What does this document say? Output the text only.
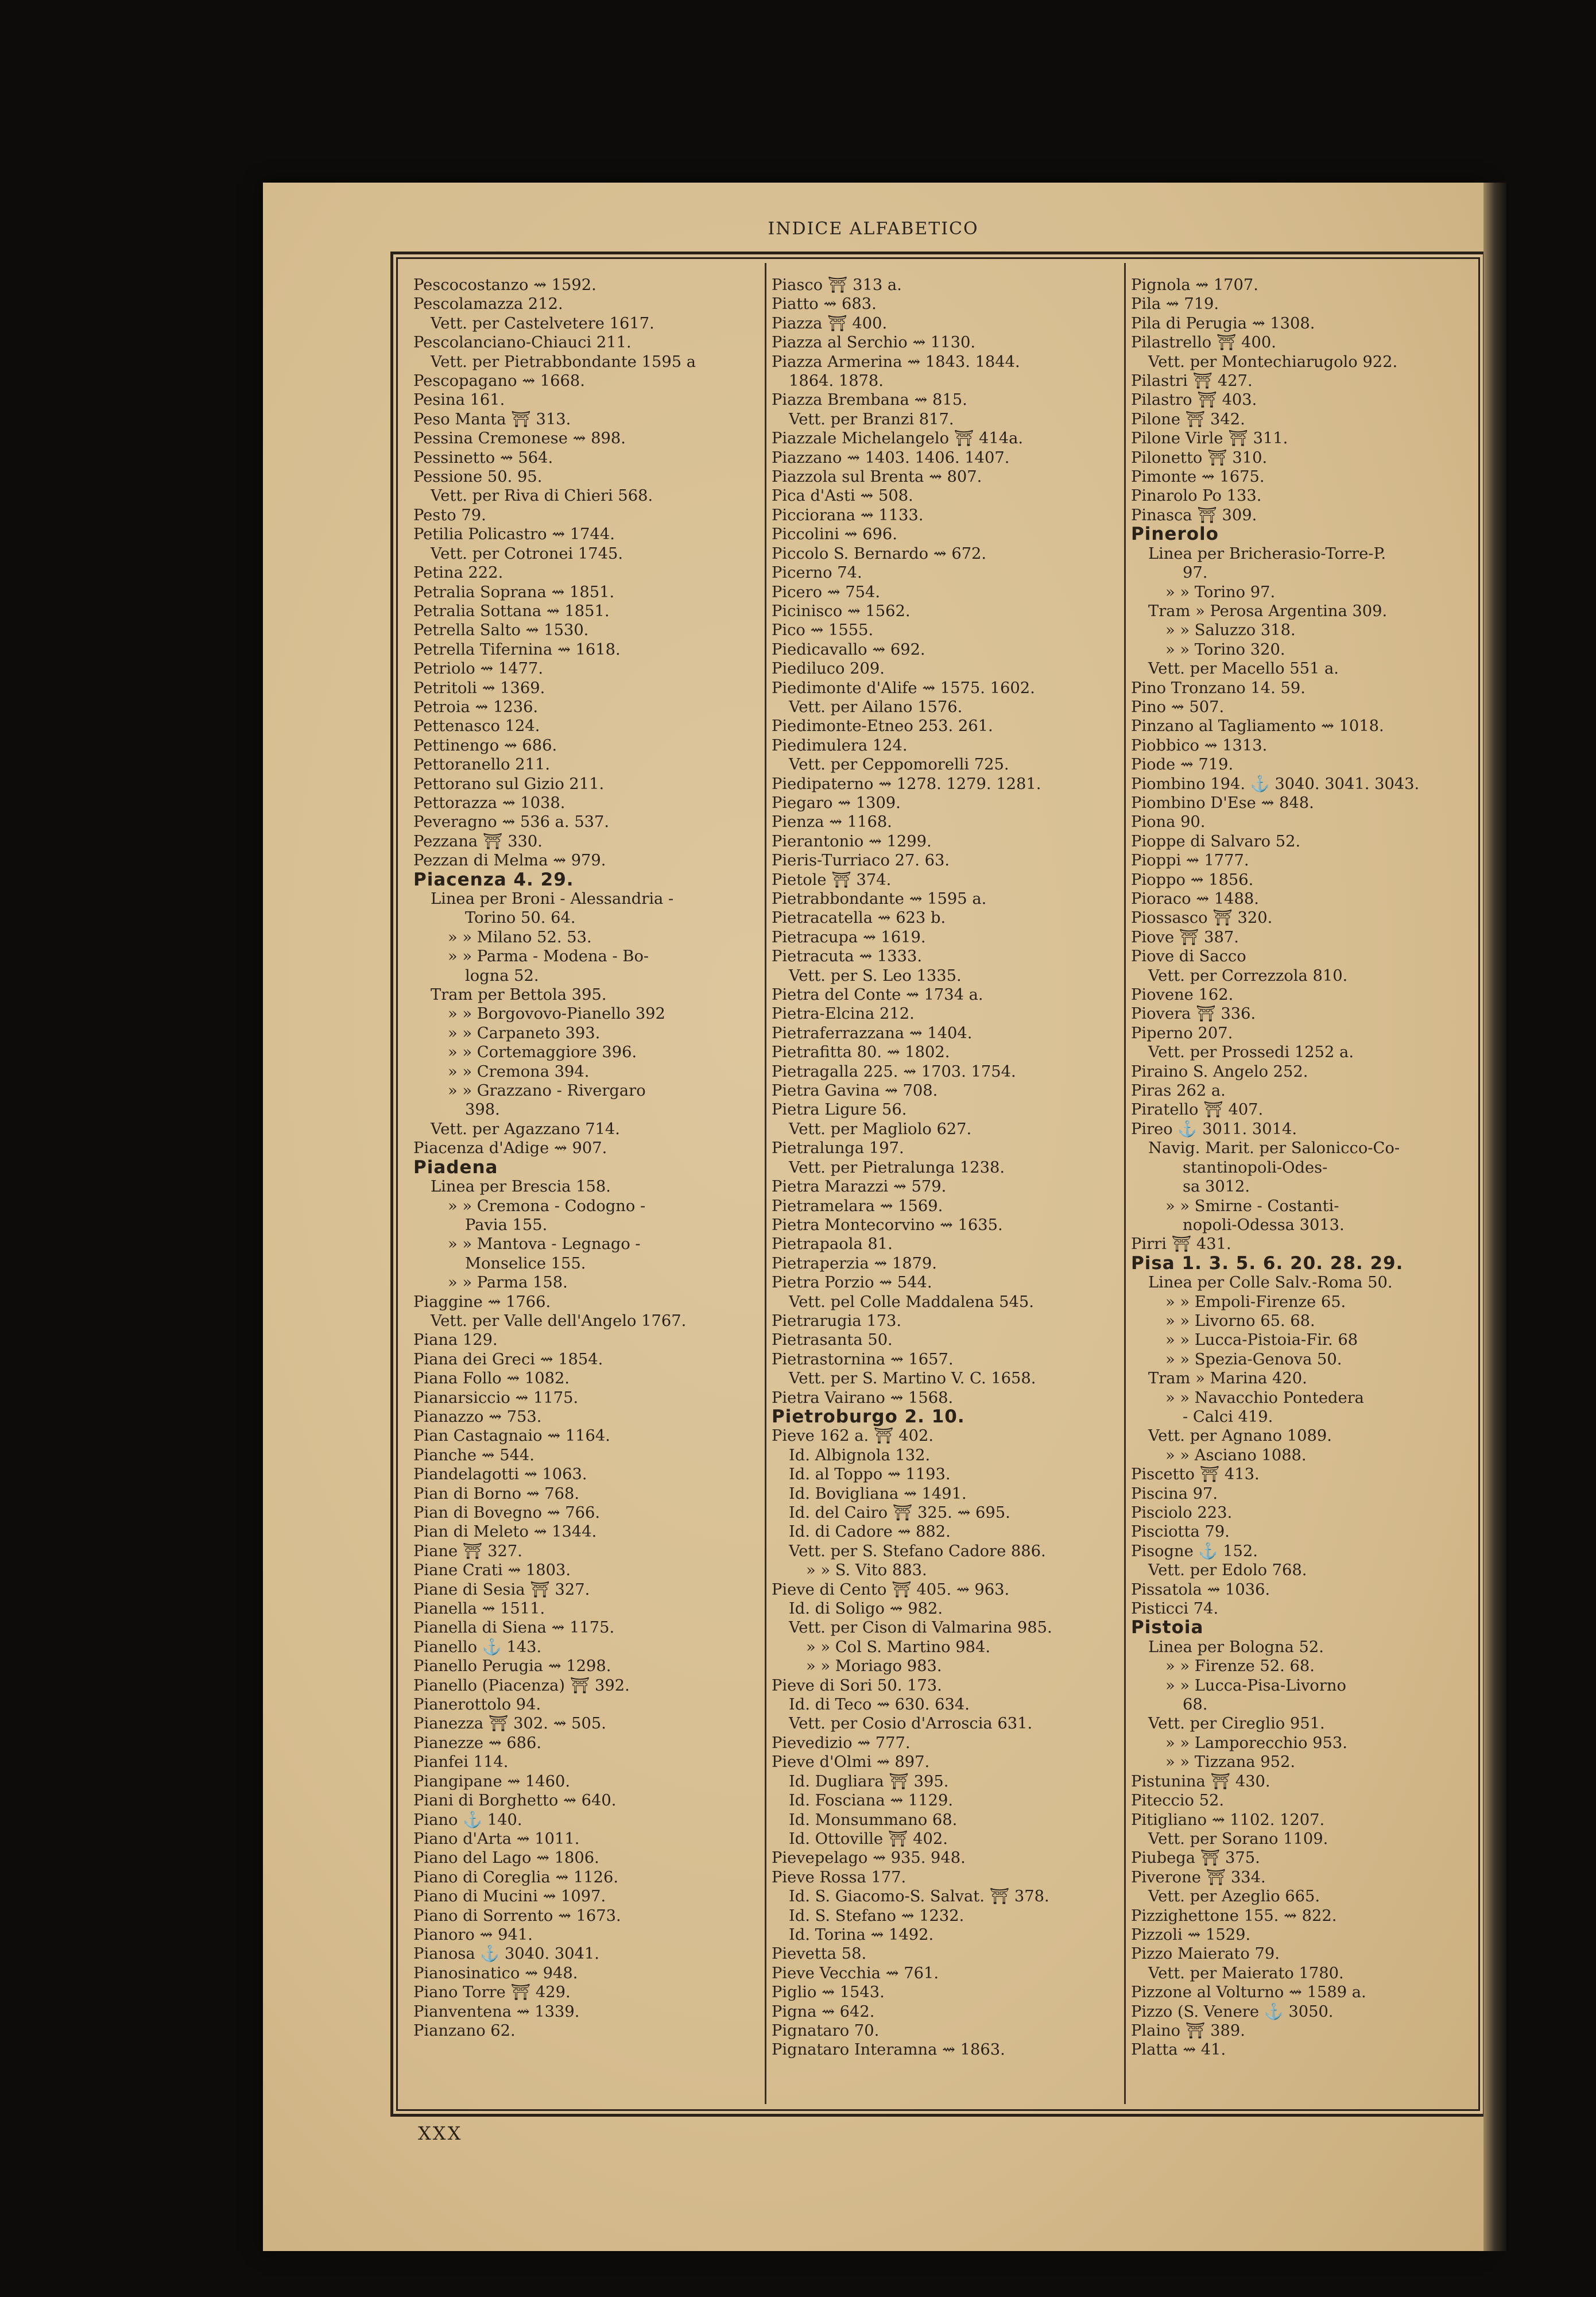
INDICE ALFABETICO
Pescocostanzo ⇝ 1592.
Pescolamazza 212.
Vett. per Castelvetere 1617.
Pescolanciano-Chiauci 211.
Vett. per Pietrabbondante 1595 a
Pescopagano ⇝ 1668.
Pesina 161.
Peso Manta ⛩ 313.
Pessina Cremonese ⇝ 898.
Pessinetto ⇝ 564.
Pessione 50. 95.
Vett. per Riva di Chieri 568.
Pesto 79.
Petilia Policastro ⇝ 1744.
Vett. per Cotronei 1745.
Petina 222.
Petralia Soprana ⇝ 1851.
Petralia Sottana ⇝ 1851.
Petrella Salto ⇝ 1530.
Petrella Tifernina ⇝ 1618.
Petriolo ⇝ 1477.
Petritoli ⇝ 1369.
Petroia ⇝ 1236.
Pettenasco 124.
Pettinengo ⇝ 686.
Pettoranello 211.
Pettorano sul Gizio 211.
Pettorazza ⇝ 1038.
Peveragno ⇝ 536 a. 537.
Pezzana ⛩ 330.
Pezzan di Melma ⇝ 979.
Piacenza 4. 29.
Linea per Broni - Alessandria -
Torino 50. 64.
» » Milano 52. 53.
» » Parma - Modena - Bo-
logna 52.
Tram per Bettola 395.
» » Borgovovo-Pianello 392
» » Carpaneto 393.
» » Cortemaggiore 396.
» » Cremona 394.
» » Grazzano - Rivergaro
398.
Vett. per Agazzano 714.
Piacenza d'Adige ⇝ 907.
Piadena
Linea per Brescia 158.
» » Cremona - Codogno -
Pavia 155.
» » Mantova - Legnago -
Monselice 155.
» » Parma 158.
Piaggine ⇝ 1766.
Vett. per Valle dell'Angelo 1767.
Piana 129.
Piana dei Greci ⇝ 1854.
Piana Follo ⇝ 1082.
Pianarsiccio ⇝ 1175.
Pianazzo ⇝ 753.
Pian Castagnaio ⇝ 1164.
Pianche ⇝ 544.
Piandelagotti ⇝ 1063.
Pian di Borno ⇝ 768.
Pian di Bovegno ⇝ 766.
Pian di Meleto ⇝ 1344.
Piane ⛩ 327.
Piane Crati ⇝ 1803.
Piane di Sesia ⛩ 327.
Pianella ⇝ 1511.
Pianella di Siena ⇝ 1175.
Pianello ⚓ 143.
Pianello Perugia ⇝ 1298.
Pianello (Piacenza) ⛩ 392.
Pianerottolo 94.
Pianezza ⛩ 302. ⇝ 505.
Pianezze ⇝ 686.
Pianfei 114.
Piangipane ⇝ 1460.
Piani di Borghetto ⇝ 640.
Piano ⚓ 140.
Piano d'Arta ⇝ 1011.
Piano del Lago ⇝ 1806.
Piano di Coreglia ⇝ 1126.
Piano di Mucini ⇝ 1097.
Piano di Sorrento ⇝ 1673.
Pianoro ⇝ 941.
Pianosa ⚓ 3040. 3041.
Pianosinatico ⇝ 948.
Piano Torre ⛩ 429.
Pianventena ⇝ 1339.
Pianzano 62.
Piasco ⛩ 313 a.
Piatto ⇝ 683.
Piazza ⛩ 400.
Piazza al Serchio ⇝ 1130.
Piazza Armerina ⇝ 1843. 1844.
1864. 1878.
Piazza Brembana ⇝ 815.
Vett. per Branzi 817.
Piazzale Michelangelo ⛩ 414a.
Piazzano ⇝ 1403. 1406. 1407.
Piazzola sul Brenta ⇝ 807.
Pica d'Asti ⇝ 508.
Picciorana ⇝ 1133.
Piccolini ⇝ 696.
Piccolo S. Bernardo ⇝ 672.
Picerno 74.
Picero ⇝ 754.
Picinisco ⇝ 1562.
Pico ⇝ 1555.
Piedicavallo ⇝ 692.
Piediluco 209.
Piedimonte d'Alife ⇝ 1575. 1602.
Vett. per Ailano 1576.
Piedimonte-Etneo 253. 261.
Piedimulera 124.
Vett. per Ceppomorelli 725.
Piedipaterno ⇝ 1278. 1279. 1281.
Piegaro ⇝ 1309.
Pienza ⇝ 1168.
Pierantonio ⇝ 1299.
Pieris-Turriaco 27. 63.
Pietole ⛩ 374.
Pietrabbondante ⇝ 1595 a.
Pietracatella ⇝ 623 b.
Pietracupa ⇝ 1619.
Pietracuta ⇝ 1333.
Vett. per S. Leo 1335.
Pietra del Conte ⇝ 1734 a.
Pietra-Elcina 212.
Pietraferrazzana ⇝ 1404.
Pietrafitta 80. ⇝ 1802.
Pietragalla 225. ⇝ 1703. 1754.
Pietra Gavina ⇝ 708.
Pietra Ligure 56.
Vett. per Magliolo 627.
Pietralunga 197.
Vett. per Pietralunga 1238.
Pietra Marazzi ⇝ 579.
Pietramelara ⇝ 1569.
Pietra Montecorvino ⇝ 1635.
Pietrapaola 81.
Pietraperzia ⇝ 1879.
Pietra Porzio ⇝ 544.
Vett. pel Colle Maddalena 545.
Pietrarugia 173.
Pietrasanta 50.
Pietrastornina ⇝ 1657.
Vett. per S. Martino V. C. 1658.
Pietra Vairano ⇝ 1568.
Pietroburgo 2. 10.
Pieve 162 a. ⛩ 402.
Id. Albignola 132.
Id. al Toppo ⇝ 1193.
Id. Bovigliana ⇝ 1491.
Id. del Cairo ⛩ 325. ⇝ 695.
Id. di Cadore ⇝ 882.
Vett. per S. Stefano Cadore 886.
» » S. Vito 883.
Pieve di Cento ⛩ 405. ⇝ 963.
Id. di Soligo ⇝ 982.
Vett. per Cison di Valmarina 985.
» » Col S. Martino 984.
» » Moriago 983.
Pieve di Sori 50. 173.
Id. di Teco ⇝ 630. 634.
Vett. per Cosio d'Arroscia 631.
Pievedizio ⇝ 777.
Pieve d'Olmi ⇝ 897.
Id. Dugliara ⛩ 395.
Id. Fosciana ⇝ 1129.
Id. Monsummano 68.
Id. Ottoville ⛩ 402.
Pievepelago ⇝ 935. 948.
Pieve Rossa 177.
Id. S. Giacomo-S. Salvat. ⛩ 378.
Id. S. Stefano ⇝ 1232.
Id. Torina ⇝ 1492.
Pievetta 58.
Pieve Vecchia ⇝ 761.
Piglio ⇝ 1543.
Pigna ⇝ 642.
Pignataro 70.
Pignataro Interamna ⇝ 1863.
Pignola ⇝ 1707.
Pila ⇝ 719.
Pila di Perugia ⇝ 1308.
Pilastrello ⛩ 400.
Vett. per Montechiarugolo 922.
Pilastri ⛩ 427.
Pilastro ⛩ 403.
Pilone ⛩ 342.
Pilone Virle ⛩ 311.
Pilonetto ⛩ 310.
Pimonte ⇝ 1675.
Pinarolo Po 133.
Pinasca ⛩ 309.
Pinerolo
Linea per Bricherasio-Torre-P.
97.
» » Torino 97.
Tram » Perosa Argentina 309.
» » Saluzzo 318.
» » Torino 320.
Vett. per Macello 551 a.
Pino Tronzano 14. 59.
Pino ⇝ 507.
Pinzano al Tagliamento ⇝ 1018.
Piobbico ⇝ 1313.
Piode ⇝ 719.
Piombino 194. ⚓ 3040. 3041. 3043.
Piombino D'Ese ⇝ 848.
Piona 90.
Pioppe di Salvaro 52.
Pioppi ⇝ 1777.
Pioppo ⇝ 1856.
Pioraco ⇝ 1488.
Piossasco ⛩ 320.
Piove ⛩ 387.
Piove di Sacco
Vett. per Correzzola 810.
Piovene 162.
Piovera ⛩ 336.
Piperno 207.
Vett. per Prossedi 1252 a.
Piraino S. Angelo 252.
Piras 262 a.
Piratello ⛩ 407.
Pireo ⚓ 3011. 3014.
Navig. Marit. per Salonicco-Co-
stantinopoli-Odes-
sa 3012.
» » Smirne - Costanti-
nopoli-Odessa 3013.
Pirri ⛩ 431.
Pisa 1. 3. 5. 6. 20. 28. 29.
Linea per Colle Salv.-Roma 50.
» » Empoli-Firenze 65.
» » Livorno 65. 68.
» » Lucca-Pistoia-Fir. 68
» » Spezia-Genova 50.
Tram » Marina 420.
» » Navacchio Pontedera
- Calci 419.
Vett. per Agnano 1089.
» » Asciano 1088.
Piscetto ⛩ 413.
Piscina 97.
Pisciolo 223.
Pisciotta 79.
Pisogne ⚓ 152.
Vett. per Edolo 768.
Pissatola ⇝ 1036.
Pisticci 74.
Pistoia
Linea per Bologna 52.
» » Firenze 52. 68.
» » Lucca-Pisa-Livorno
68.
Vett. per Cireglio 951.
» » Lamporecchio 953.
» » Tizzana 952.
Pistunina ⛩ 430.
Piteccio 52.
Pitigliano ⇝ 1102. 1207.
Vett. per Sorano 1109.
Piubega ⛩ 375.
Piverone ⛩ 334.
Vett. per Azeglio 665.
Pizzighettone 155. ⇝ 822.
Pizzoli ⇝ 1529.
Pizzo Maierato 79.
Vett. per Maierato 1780.
Pizzone al Volturno ⇝ 1589 a.
Pizzo (S. Venere ⚓ 3050.
Plaino ⛩ 389.
Platta ⇝ 41.
XXX
